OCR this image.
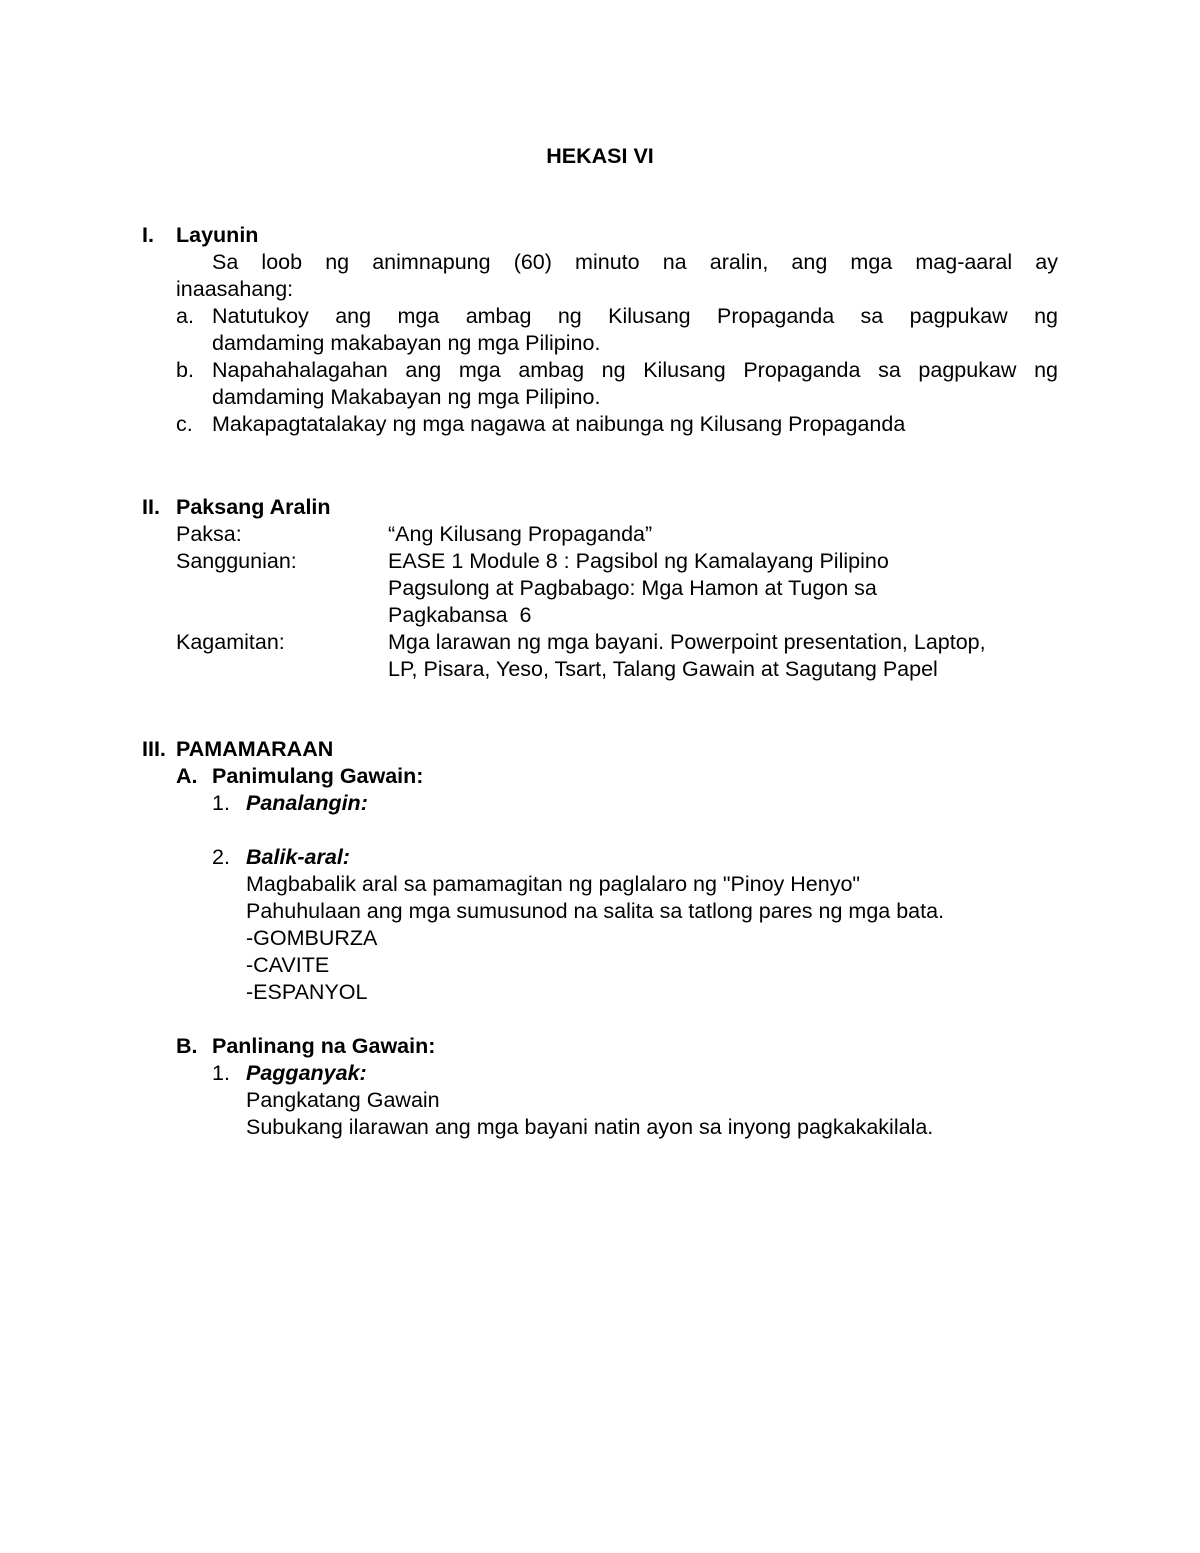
HEKASI VI
I. Layunin
Sa loob ng animnapung (60) minuto na aralin, ang mga mag-aaral ay
inaasahang:
a. Natutukoy ang mga ambag ng Kilusang Propaganda sa pagpukaw ng
damdaming makabayan ng mga Pilipino.
b. Napahahalagahan ang mga ambag ng Kilusang Propaganda sa pagpukaw ng
damdaming Makabayan ng mga Pilipino.
c. Makapagtatalakay ng mga nagawa at naibunga ng Kilusang Propaganda
II. Paksang Aralin
Paksa:	“Ang Kilusang Propaganda”
Sanggunian:	EASE 1 Module 8 : Pagsibol ng Kamalayang Pilipino
Pagsulong at Pagbabago: Mga Hamon at Tugon sa
Pagkabansa  6
Kagamitan:	Mga larawan ng mga bayani. Powerpoint presentation, Laptop,
LP, Pisara, Yeso, Tsart, Talang Gawain at Sagutang Papel
III. PAMAMARAAN
A. Panimulang Gawain:
1. Panalangin:
2. Balik-aral:
Magbabalik aral sa pamamagitan ng paglalaro ng "Pinoy Henyo"
Pahuhulaan ang mga sumusunod na salita sa tatlong pares ng mga bata.
-GOMBURZA
-CAVITE
-ESPANYOL
B. Panlinang na Gawain:
1. Pagganyak:
Pangkatang Gawain
Subukang ilarawan ang mga bayani natin ayon sa inyong pagkakakilala.
